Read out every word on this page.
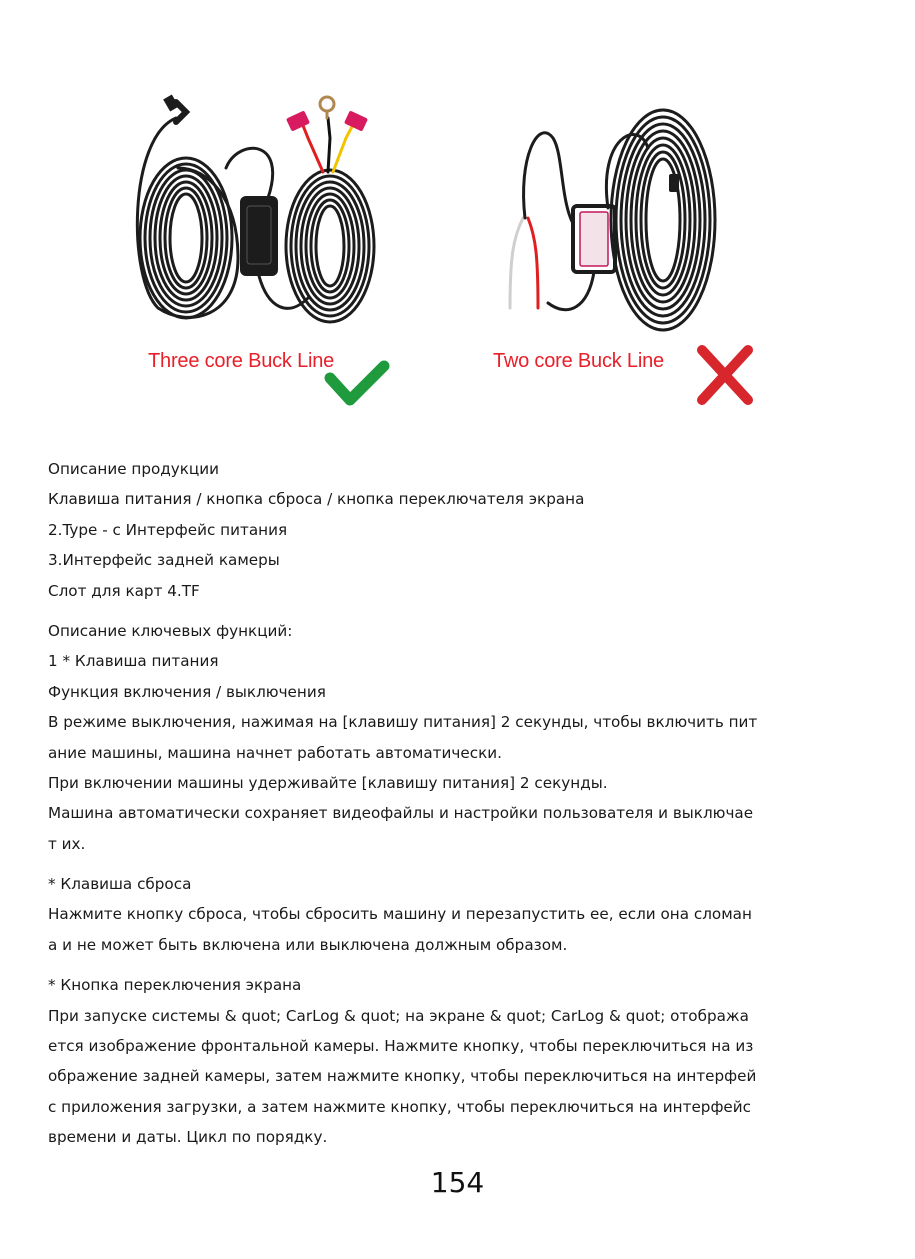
Three core Buck Line	Two core Buck Line
Описание продукции
Клавиша питания / кнопка сброса / кнопка переключателя экрана
2.Type - с Интерфейс питания
3.Интерфейс задней камеры
Слот для карт 4.TF
Описание ключевых функций:
1 * Клавиша питания
Функция включения / выключения
В режиме выключения, нажимая на [клавишу питания] 2 секунды, чтобы включить пит
ание машины, машина начнет работать автоматически.
При включении машины удерживайте [клавишу питания] 2 секунды.
Машина автоматически сохраняет видеофайлы и настройки пользователя и выключае
т их.
* Клавиша сброса
Нажмите кнопку сброса, чтобы сбросить машину и перезапустить ее, если она сломан
а и не может быть включена или выключена должным образом.
* Кнопка переключения экрана
При запуске системы & quot; CarLog & quot; на экране & quot; CarLog & quot; отобража
ется изображение фронтальной камеры. Нажмите кнопку, чтобы переключиться на из
ображение задней камеры, затем нажмите кнопку, чтобы переключиться на интерфей
с приложения загрузки, а затем нажмите кнопку, чтобы переключиться на интерфейс
времени и даты. Цикл по порядку.
154
